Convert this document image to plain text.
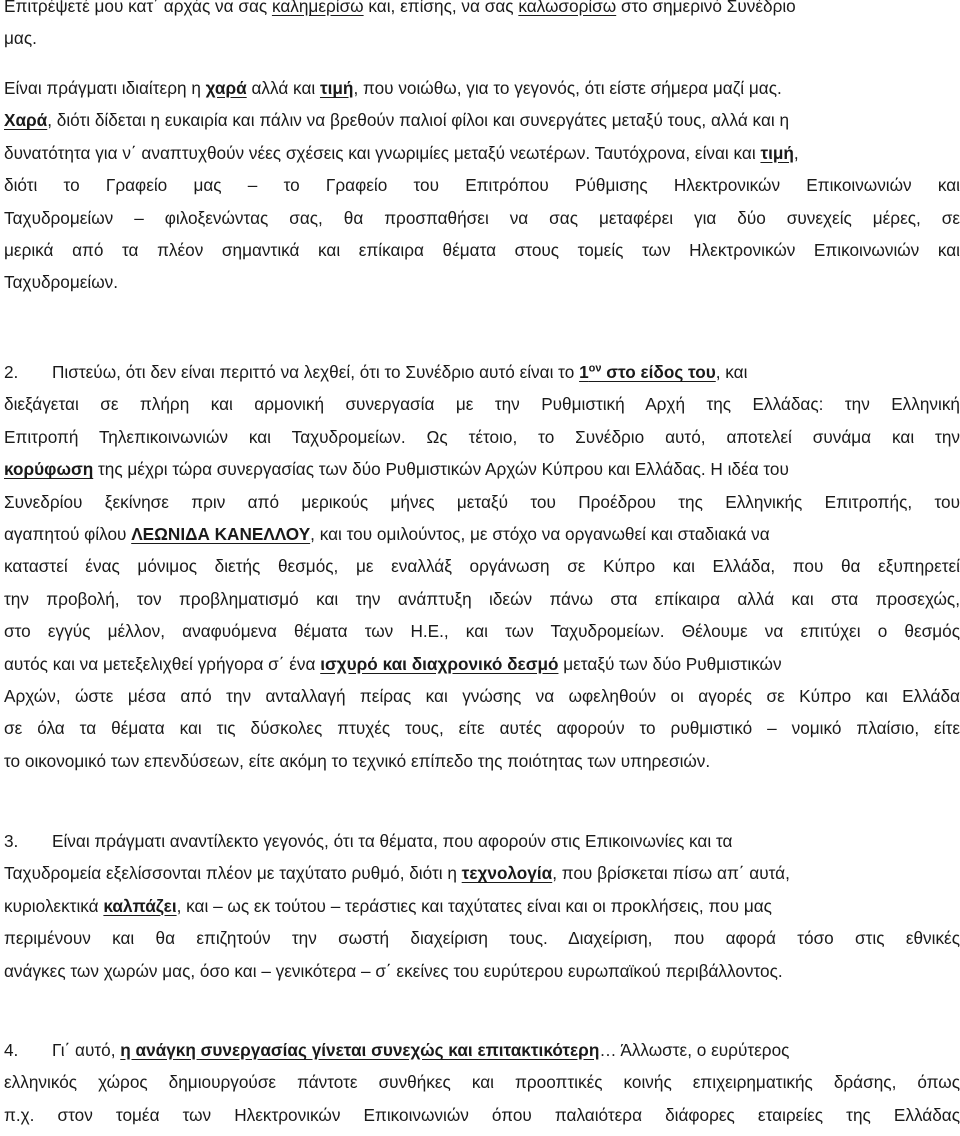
Επιτρέψετέ μου κατ΄ αρχάς να σας καλημερίσω και, επίσης, να σας καλωσορίσω στο σημερινό Συνέδριο
μας.
Είναι πράγματι ιδιαίτερη η χαρά αλλά και τιμή, που νοιώθω, για το γεγονός, ότι είστε σήμερα μαζί μας.
Χαρά, διότι δίδεται η ευκαιρία και πάλιν να βρεθούν παλιοί φίλοι και συνεργάτες μεταξύ τους, αλλά και η
δυνατότητα για ν΄ αναπτυχθούν νέες σχέσεις και γνωριμίες μεταξύ νεωτέρων. Ταυτόχρονα, είναι και τιμή,
διότι το Γραφείο μας – το Γραφείο του Επιτρόπου Ρύθμισης Ηλεκτρονικών Επικοινωνιών και
Ταχυδρομείων – φιλοξενώντας σας, θα προσπαθήσει να σας μεταφέρει για δύο συνεχείς μέρες, σε
μερικά από τα πλέον σημαντικά και επίκαιρα θέματα στους τομείς των Ηλεκτρονικών Επικοινωνιών και
Ταχυδρομείων.
2. Πιστεύω, ότι δεν είναι περιττό να λεχθεί, ότι το Συνέδριο αυτό είναι το $1^{o\nu}$ στο είδος του, και
διεξάγεται σε πλήρη και αρμονική συνεργασία με την Ρυθμιστική Αρχή της Ελλάδας: την Ελληνική
Επιτροπή Τηλεπικοινωνιών και Ταχυδρομείων. Ως τέτοιο, το Συνέδριο αυτό, αποτελεί συνάμα και την
κορύφωση της μέχρι τώρα συνεργασίας των δύο Ρυθμιστικών Αρχών Κύπρου και Ελλάδας. Η ιδέα του
Συνεδρίου ξεκίνησε πριν από μερικούς μήνες μεταξύ του Προέδρου της Ελληνικής Επιτροπής, του
αγαπητού φίλου ΛΕΩΝΙΔΑ ΚΑΝΕΛΛΟΥ, και του ομιλούντος, με στόχο να οργανωθεί και σταδιακά να
καταστεί ένας μόνιμος διετής θεσμός, με εναλλάξ οργάνωση σε Κύπρο και Ελλάδα, που θα εξυπηρετεί
την προβολή, τον προβληματισμό και την ανάπτυξη ιδεών πάνω στα επίκαιρα αλλά και στα προσεχώς,
στο εγγύς μέλλον, αναφυόμενα θέματα των Η.Ε., και των Ταχυδρομείων. Θέλουμε να επιτύχει ο θεσμός
αυτός και να μετεξελιχθεί γρήγορα σ΄ ένα ισχυρό και διαχρονικό δεσμό μεταξύ των δύο Ρυθμιστικών
Αρχών, ώστε μέσα από την ανταλλαγή πείρας και γνώσης να ωφεληθούν οι αγορές σε Κύπρο και Ελλάδα
σε όλα τα θέματα και τις δύσκολες πτυχές τους, είτε αυτές αφορούν το ρυθμιστικό – νομικό πλαίσιο, είτε
το οικονομικό των επενδύσεων, είτε ακόμη το τεχνικό επίπεδο της ποιότητας των υπηρεσιών.
3. Είναι πράγματι αναντίλεκτο γεγονός, ότι τα θέματα, που αφορούν στις Επικοινωνίες και τα
Ταχυδρομεία εξελίσσονται πλέον με ταχύτατο ρυθμό, διότι η τεχνολογία, που βρίσκεται πίσω απ΄ αυτά,
κυριολεκτικά καλπάζει, και – ως εκ τούτου – τεράστιες και ταχύτατες είναι και οι προκλήσεις, που μας
περιμένουν και θα επιζητούν την σωστή διαχείριση τους. Διαχείριση, που αφορά τόσο στις εθνικές
ανάγκες των χωρών μας, όσο και – γενικότερα – σ΄ εκείνες του ευρύτερου ευρωπαϊκού περιβάλλοντος.
4. Γι΄ αυτό, η ανάγκη συνεργασίας γίνεται συνεχώς και επιτακτικότερη… Άλλωστε, ο ευρύτερος
ελληνικός χώρος δημιουργούσε πάντοτε συνθήκες και προοπτικές κοινής επιχειρηματικής δράσης, όπως
π.χ. στον τομέα των Ηλεκτρονικών Επικοινωνιών όπου παλαιότερα διάφορες εταιρείες της Ελλάδας
